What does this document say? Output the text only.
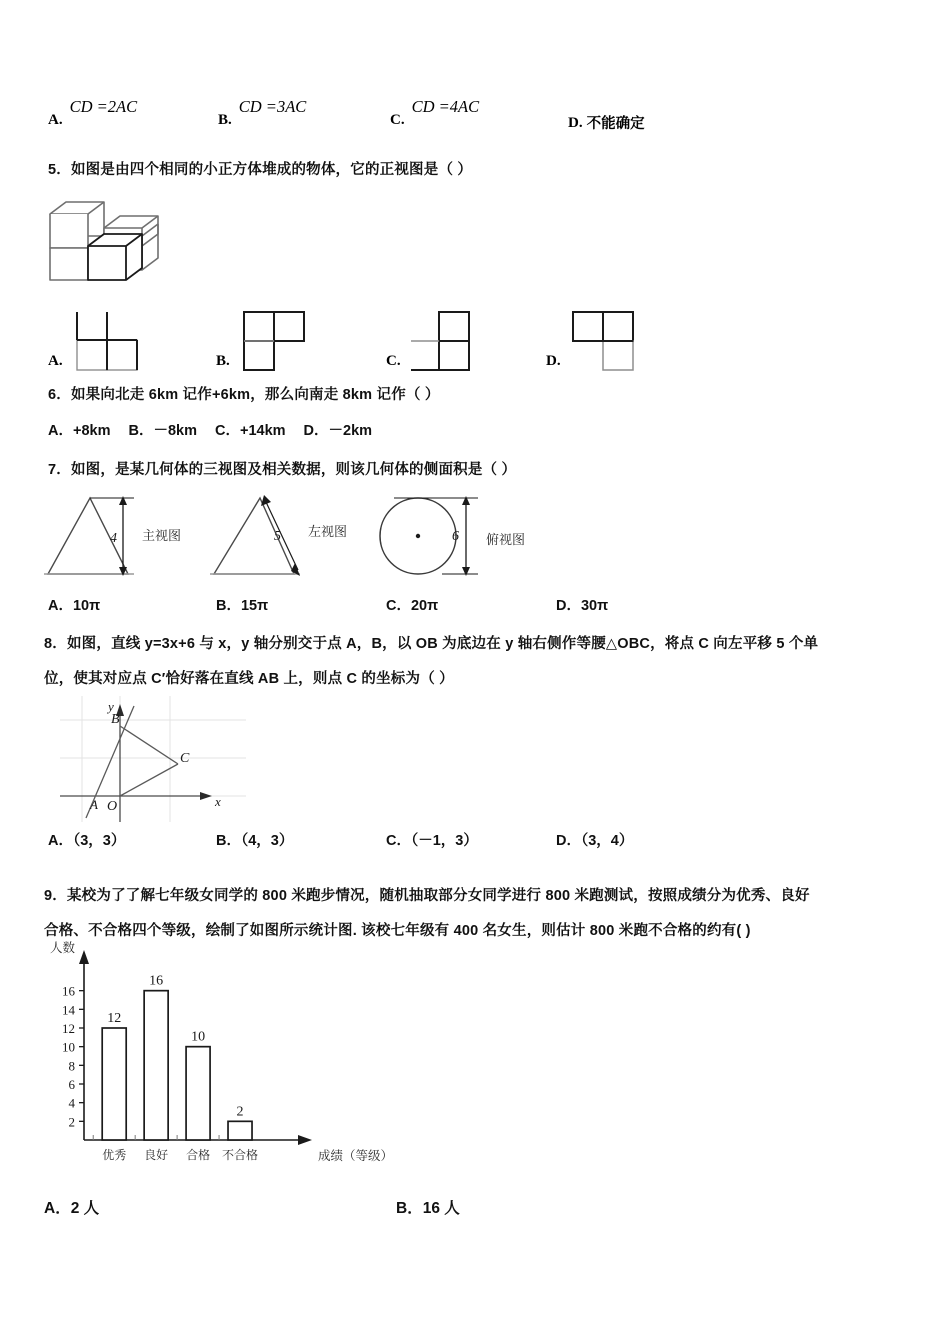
A.
CD =2AC
B.
CD =3AC
C.
CD =4AC
D. 不能确定
5．如图是由四个相同的小正方体堆成的物体，它的正视图是（ ）
A.	B.	C.	D.
6．如果向北走 6km 记作+6km，那么向南走 8km 记作（ ）
A．+8km B．－8km C．+14km D．－2km
7．如图，是某几何体的三视图及相关数据，则该几何体的侧面积是（ ）
4 主视图	5 左视图	6 俯视图
A．10π	B．15π	C．20π	D．30π
8．如图，直线 y=3x+6 与 x，y 轴分别交于点 A，B，以 OB 为底边在 y 轴右侧作等腰△OBC，将点 C 向左平移 5 个单
位，使其对应点 C′恰好落在直线 AB 上，则点 C 的坐标为（ ）
B
C
A O	x
y
A．（3，3）	B．（4，3）	C．（－1，3）	D．（3，4）
9．某校为了了解七年级女同学的 800 米跑步情况，随机抽取部分女同学进行 800 米跑测试，按照成绩分为优秀、良好
合格、不合格四个等级，绘制了如图所示统计图. 该校七年级有 400 名女生，则估计 800 米跑不合格的约有( )
2
4
6
8
10
12
14
16
人数
12
优秀
16
良好
10
合格
2
不合格	成绩（等级）
A．2 人	B．16 人
